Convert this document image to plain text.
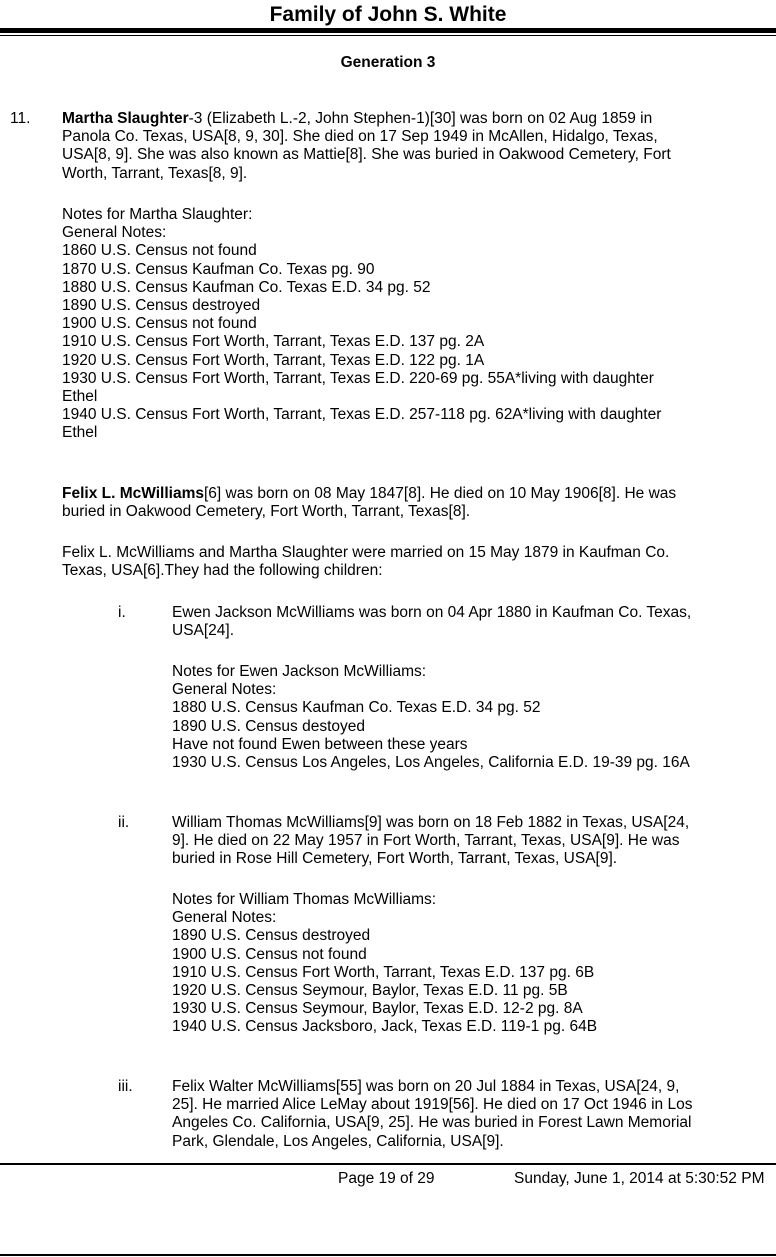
Family of John S. White
Generation 3
11. Martha Slaughter-3 (Elizabeth L.-2, John Stephen-1)[30] was born on 02 Aug 1859 in
Panola Co. Texas, USA[8, 9, 30]. She died on 17 Sep 1949 in McAllen, Hidalgo, Texas,
USA[8, 9]. She was also known as Mattie[8]. She was buried in Oakwood Cemetery, Fort
Worth, Tarrant, Texas[8, 9].
Notes for Martha Slaughter:
General Notes:
1860 U.S. Census not found
1870 U.S. Census Kaufman Co. Texas pg. 90
1880 U.S. Census Kaufman Co. Texas E.D. 34 pg. 52
1890 U.S. Census destroyed
1900 U.S. Census not found
1910 U.S. Census Fort Worth, Tarrant, Texas E.D. 137 pg. 2A
1920 U.S. Census Fort Worth, Tarrant, Texas E.D. 122 pg. 1A
1930 U.S. Census Fort Worth, Tarrant, Texas E.D. 220-69 pg. 55A*living with daughter
Ethel
1940 U.S. Census Fort Worth, Tarrant, Texas E.D. 257-118 pg. 62A*living with daughter
Ethel
Felix L. McWilliams[6] was born on 08 May 1847[8]. He died on 10 May 1906[8]. He was
buried in Oakwood Cemetery, Fort Worth, Tarrant, Texas[8].
Felix L. McWilliams and Martha Slaughter were married on 15 May 1879 in Kaufman Co.
Texas, USA[6].They had the following children:
i.	Ewen Jackson McWilliams was born on 04 Apr 1880 in Kaufman Co. Texas,
USA[24].
Notes for Ewen Jackson McWilliams:
General Notes:
1880 U.S. Census Kaufman Co. Texas E.D. 34 pg. 52
1890 U.S. Census destoyed
Have not found Ewen between these years
1930 U.S. Census Los Angeles, Los Angeles, California E.D. 19-39 pg. 16A
ii.	William Thomas McWilliams[9] was born on 18 Feb 1882 in Texas, USA[24,
9]. He died on 22 May 1957 in Fort Worth, Tarrant, Texas, USA[9]. He was
buried in Rose Hill Cemetery, Fort Worth, Tarrant, Texas, USA[9].
Notes for William Thomas McWilliams:
General Notes:
1890 U.S. Census destroyed
1900 U.S. Census not found
1910 U.S. Census Fort Worth, Tarrant, Texas E.D. 137 pg. 6B
1920 U.S. Census Seymour, Baylor, Texas E.D. 11 pg. 5B
1930 U.S. Census Seymour, Baylor, Texas E.D. 12-2 pg. 8A
1940 U.S. Census Jacksboro, Jack, Texas E.D. 119-1 pg. 64B
iii.	Felix Walter McWilliams[55] was born on 20 Jul 1884 in Texas, USA[24, 9,
25]. He married Alice LeMay about 1919[56]. He died on 17 Oct 1946 in Los
Angeles Co. California, USA[9, 25]. He was buried in Forest Lawn Memorial
Park, Glendale, Los Angeles, California, USA[9].
Page 19 of 29	Sunday, June 1, 2014 at 5:30:52 PM
